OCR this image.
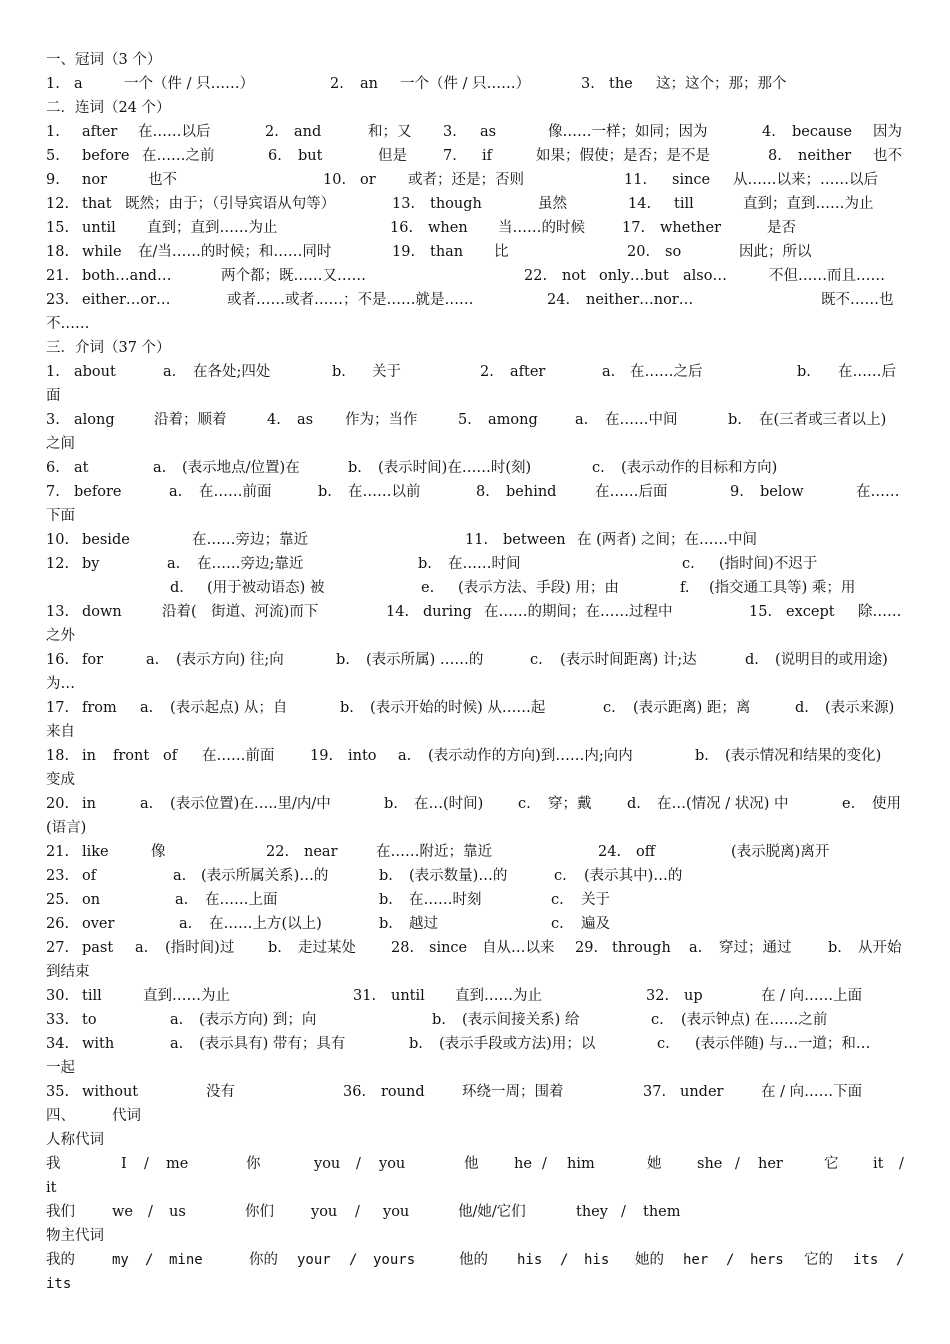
一、冠词（3 个）
1. a	一个（件 / 只……）	2. an 一个（件 / 只……）	3. the 这；这个；那；那个
二．连词（24 个）
1. after 在……以后	2. and	和；又 3. as	像……一样；如同；因为	4. because 因为
5. before 在……之前	6. but	但是 7. if	如果；假使；是否；是不是	8. neither 也不
9. nor	也不	10. or 或者；还是；否则	11. since 从……以来；……以后
12. that 既然；由于；（引导宾语从句等）	13. though	虽然	14. till	直到；直到……为止
15. until 直到；直到……为止	16. when 当……的时候	17. whether	是否
18. while 在/当……的时候；和……同时	19. than 比	20. so	因此；所以
21. both…and…	两个都；既……又……	22. not only…but also…	不但……而且……
23. either…or…	或者……或者……；不是……就是……	24. neither…nor…	既不……也
不……
三．介词（37 个）
1. about	a. 在各处;四处	b. 关于	2. after	a. 在……之后	b. 在……后
面
3. along	沿着；顺着	4. as 作为；当作	5. among	a. 在……中间	b. 在(三者或三者以上)
之间
6. at	a. (表示地点/位置)在	b. (表示时间)在……时(刻)	c. (表示动作的目标和方向)
7. before	a. 在……前面	b. 在……以前	8. behind	在……后面	9. below	在……
下面
10. beside	在……旁边；靠近	11. between 在 (两者) 之间；在……中间
12. by	a. 在……旁边;靠近	b. 在……时间	c. (指时间)不迟于
d. (用于被动语态) 被	e. (表示方法、手段) 用；由	f. (指交通工具等) 乘；用
13. down	沿着(　街道、河流)而下	14. during 在……的期间；在……过程中	15. except 除……
之外
16. for	a. (表示方向) 往;向	b. (表示所属) ……的	c. (表示时间距离) 计;达	d. (说明目的或用途)
为…
17. from a. (表示起点) 从；自	b. (表示开始的时候) 从……起	c. (表示距离) 距；离	d. (表示来源)
来自
18. in front of 在……前面 19. into a. (表示动作的方向)到……内;向内	b. (表示情况和结果的变化)
变成
20. in	a. (表示位置)在…..里/内/中	b. 在…(时间) c. 穿；戴 d. 在…(情况 / 状况) 中	e. 使用
(语言)
21. like	像	22. near	在……附近；靠近	24. off	(表示脱离)离开
23. of	a. (表示所属关系)…的	b. (表示数量)…的	c. (表示其中)…的
25. on	a. 在……上面	b. 在……时刻	c. 关于
26. over	a. 在……上方(以上)	b. 越过	c. 遍及
27. past a. (指时间)过 b. 走过某处 28. since 自从…以来 29. through a. 穿过；通过	b. 从开始
到结束
30. till	直到……为止	31. until 直到……为止	32. up	在 / 向……上面
33. to	a. (表示方向) 到；向	b. (表示间接关系) 给	c. (表示钟点) 在……之前
34. with	a. (表示具有) 带有；具有	b. (表示手段或方法)用；以	c. (表示伴随) 与…一道；和…
一起
35. without	没有	36. round	环绕一周；围着	37. under	在 / 向……下面
四、	代词
人称代词
我	I / me	你	you / you	他 he / him	她 she / her	它 it /
it
我们	we / us	你们	you / you	他/她/它们	they / them
物主代词
我的	my / mine	你的 your / yours	他的 his / his 她的 her / hers 它的 its /
its
